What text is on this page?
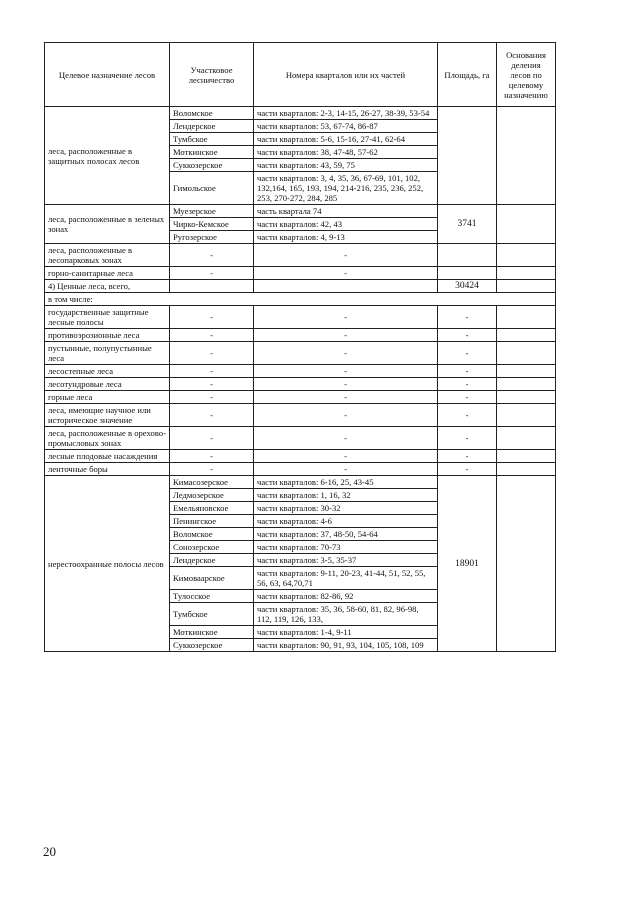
Целевое назначение лесов	Участковое лесничество	Номера кварталов или их частей	Площадь, га	Основания деления лесов по целевому назначению
леса, расположенные в защитных полосах лесов	Воломское	части кварталов: 2-3, 14-15, 26-27, 38-39, 53-54		
	Лендерское	части кварталов: 53, 67-74, 86-87		
	Тумбское	части кварталов: 5-6, 15-16, 27-41, 62-64		
	Моткинское	части кварталов: 38, 47-48, 57-62		
	Суккозерское	части кварталов: 43, 59, 75		
	Гимольское	части кварталов: 3, 4, 35, 36, 67-69, 101, 102, 132,164, 165, 193, 194, 214-216, 235, 236, 252, 253, 270-272, 284, 285		
леса, расположенные в зеленых зонах	Муезерское	часть квартала 74	3741	
	Чирко-Кемское	части кварталов: 42, 43		
	Ругозерское	части кварталов: 4, 9-13		
леса, расположенные в лесопарковых зонах	-	-		
горно-санитарные леса	-	-		
4) Ценные леса, всего,			30424	
в том числе:				
государственные защитные лесные полосы	-	-	-	
противоэрозионные леса	-	-	-	
пустынные, полупустынные леса	-	-	-	
лесостепные леса	-	-	-	
лесотундровые леса	-	-	-	
горные леса	-	-	-	
леса, имеющие научное или историческое значение	-	-	-	
леса, расположенные в орехово-промысловых зонах	-	-	-	
лесные плодовые насаждения	-	-	-	
ленточные боры	-	-	-	
нерестоохранные полосы лесов	Кимасозерское	части кварталов: 6-16, 25, 43-45	18901	
	Ледмозерское	части кварталов: 1, 16, 32		
	Емельяновское	части кварталов: 30-32		
	Пенингское	части кварталов: 4-6		
	Воломское	части кварталов: 37, 48-50, 54-64		
	Сонозерское	части кварталов: 70-73		
	Лендерское	части кварталов: 3-5, 35-37		
	Кимоваарское	части кварталов: 9-11, 20-23, 41-44, 51, 52, 55, 56, 63, 64,70,71		
	Тулосское	части кварталов: 82-86, 92		
	Тумбское	части кварталов: 35, 36, 58-60, 81, 82, 96-98, 112, 119, 126, 133,		
	Моткинское	части кварталов: 1-4, 9-11		
	Суккозерское	части кварталов: 90, 91, 93, 104, 105, 108, 109		
20
